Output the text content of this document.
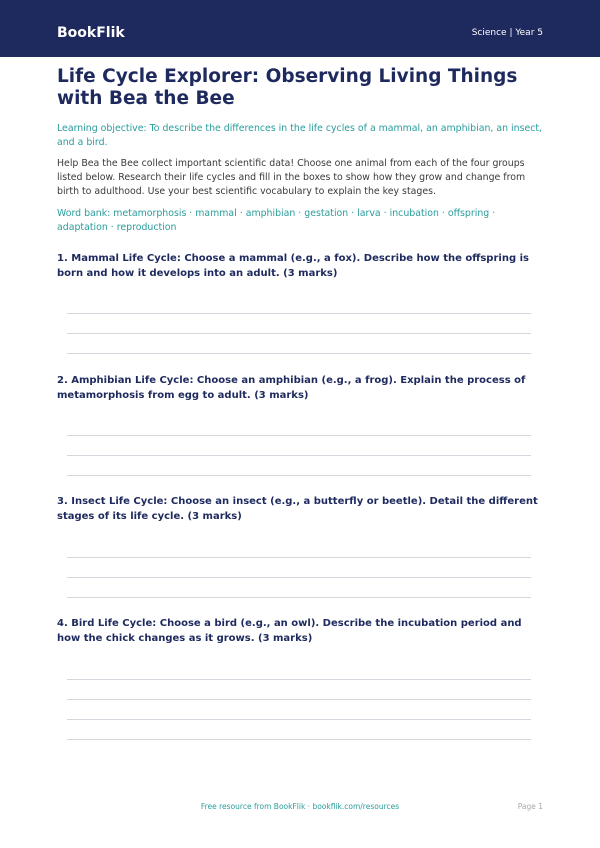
BookFlik	Science | Year 5
Life Cycle Explorer: Observing Living Things with Bea the Bee
Learning objective: To describe the differences in the life cycles of a mammal, an amphibian, an insect, and a bird.
Help Bea the Bee collect important scientific data! Choose one animal from each of the four groups listed below. Research their life cycles and fill in the boxes to show how they grow and change from birth to adulthood. Use your best scientific vocabulary to explain the key stages.
Word bank: metamorphosis · mammal · amphibian · gestation · larva · incubation · offspring · adaptation · reproduction
1. Mammal Life Cycle: Choose a mammal (e.g., a fox). Describe how the offspring is born and how it develops into an adult. (3 marks)
2. Amphibian Life Cycle: Choose an amphibian (e.g., a frog). Explain the process of metamorphosis from egg to adult. (3 marks)
3. Insect Life Cycle: Choose an insect (e.g., a butterfly or beetle). Detail the different stages of its life cycle. (3 marks)
4. Bird Life Cycle: Choose a bird (e.g., an owl). Describe the incubation period and how the chick changes as it grows. (3 marks)
Free resource from BookFlik · bookflik.com/resources	Page 1
